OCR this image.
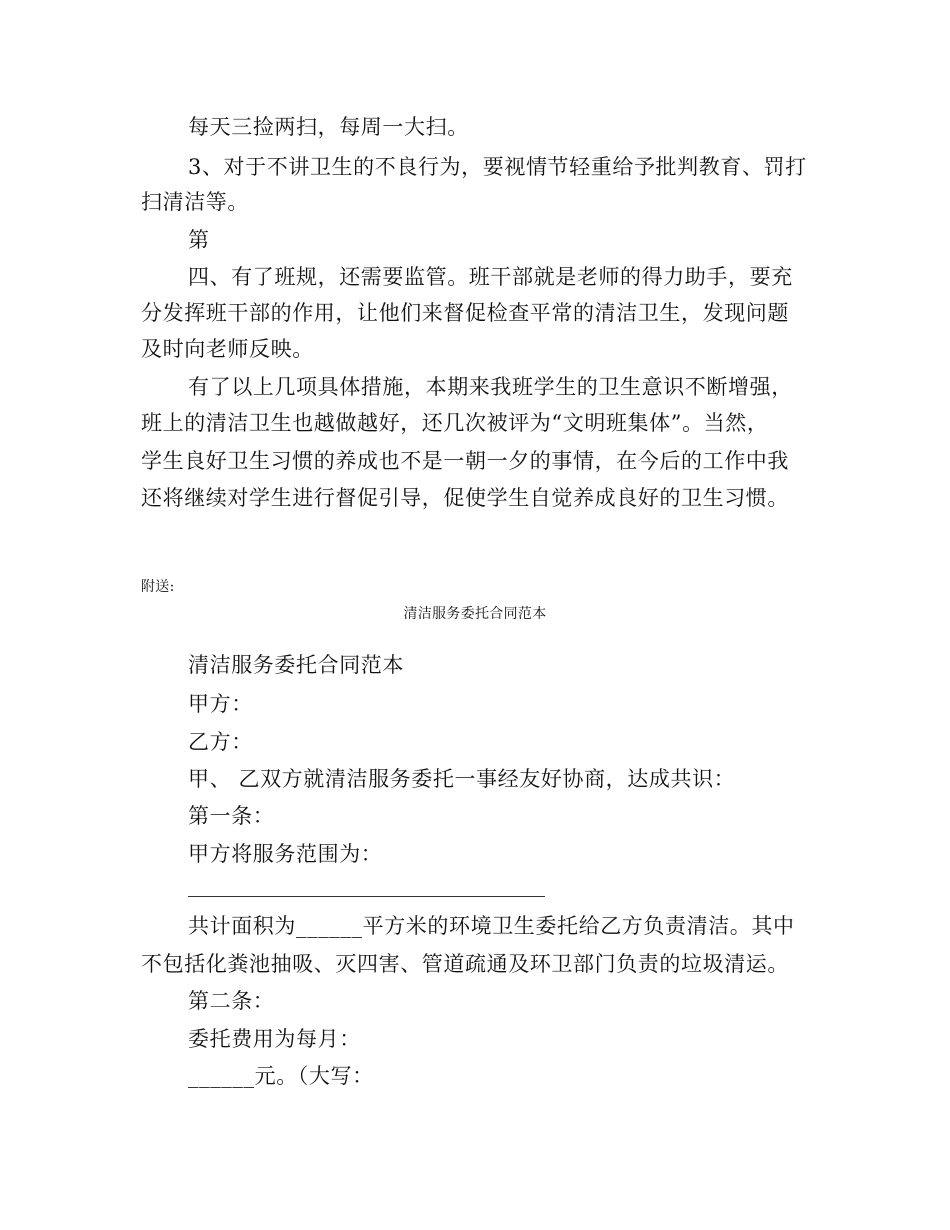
每天三捡两扫，每周一大扫。
3、对于不讲卫生的不良行为，要视情节轻重给予批判教育、罚打
扫清洁等。
第
四、有了班规，还需要监管。班干部就是老师的得力助手，要充
分发挥班干部的作用，让他们来督促检查平常的清洁卫生，发现问题
及时向老师反映。
有了以上几项具体措施，本期来我班学生的卫生意识不断增强，
班上的清洁卫生也越做越好，还几次被评为“文明班集体”。当然，
学生良好卫生习惯的养成也不是一朝一夕的事情，在今后的工作中我
还将继续对学生进行督促引导，促使学生自觉养成良好的卫生习惯。
附送:
清洁服务委托合同范本
清洁服务委托合同范本
甲方：
乙方：
甲、 乙双方就清洁服务委托一事经友好协商，达成共识：
第一条：
甲方将服务范围为：
共计面积为______平方米的环境卫生委托给乙方负责清洁。其中
不包括化粪池抽吸、灭四害、管道疏通及环卫部门负责的垃圾清运。
第二条：
委托费用为每月：
______元。（大写：
